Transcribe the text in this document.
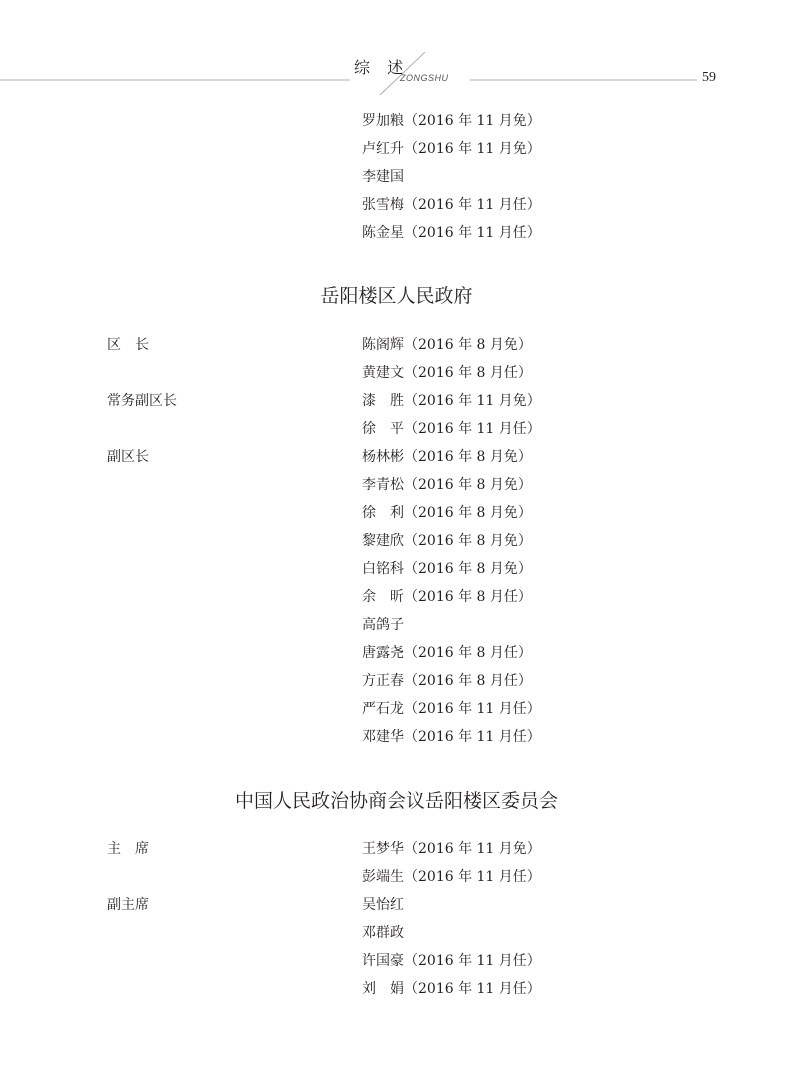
综 述
ZONGSHU	59
罗加粮（2016 年 11 月免）
卢红升（2016 年 11 月免）
李建国
张雪梅（2016 年 11 月任）
陈金星（2016 年 11 月任）
岳阳楼区人民政府
区　长	陈阁辉（2016 年 8 月免）
黄建文（2016 年 8 月任）
常务副区长	漆　胜（2016 年 11 月免）
徐　平（2016 年 11 月任）
副区长	杨林彬（2016 年 8 月免）
李青松（2016 年 8 月免）
徐　利（2016 年 8 月免）
黎建欣（2016 年 8 月免）
白铭科（2016 年 8 月免）
余　昕（2016 年 8 月任）
高鸽子
唐露尧（2016 年 8 月任）
方正春（2016 年 8 月任）
严石龙（2016 年 11 月任）
邓建华（2016 年 11 月任）
中国人民政治协商会议岳阳楼区委员会
主　席	王梦华（2016 年 11 月免）
彭端生（2016 年 11 月任）
副主席	吴怡红
邓群政
许国豪（2016 年 11 月任）
刘　娟（2016 年 11 月任）
